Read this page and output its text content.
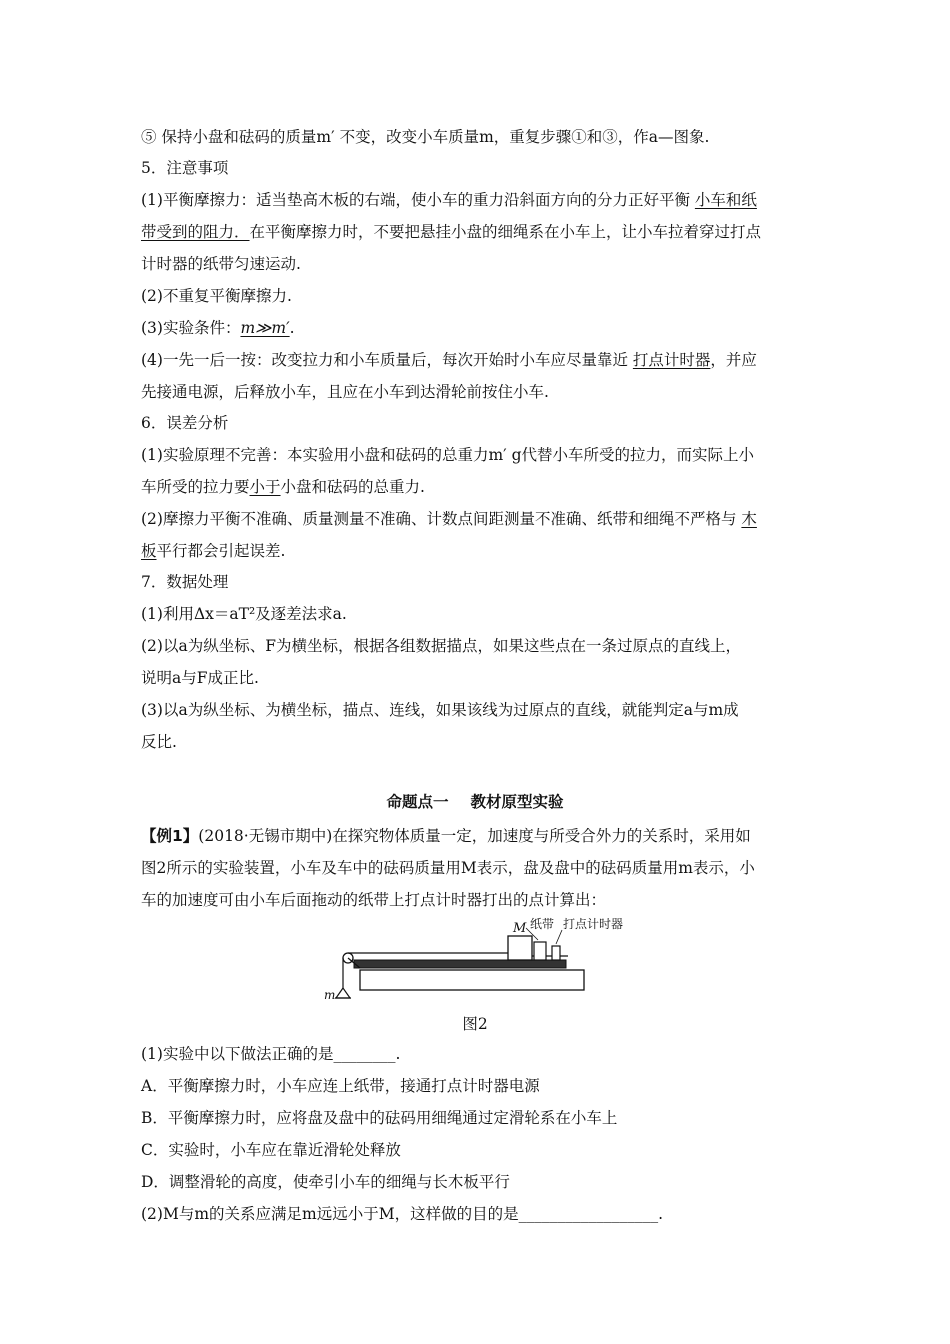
⑤ 保持小盘和砝码的质量m′ 不变，改变小车质量m，重复步骤①和③，作a—图象.
5．注意事项
(1)平衡摩擦力：适当垫高木板的右端，使小车的重力沿斜面方向的分力正好平衡 小车和纸
带受到的阻力．在平衡摩擦力时，不要把悬挂小盘的细绳系在小车上，让小车拉着穿过打点
计时器的纸带匀速运动.
(2)不重复平衡摩擦力.
(3)实验条件：m≫m′.
(4)一先一后一按：改变拉力和小车质量后，每次开始时小车应尽量靠近 打点计时器，并应
先接通电源，后释放小车，且应在小车到达滑轮前按住小车.
6．误差分析
(1)实验原理不完善：本实验用小盘和砝码的总重力m′ g代替小车所受的拉力，而实际上小
车所受的拉力要小于小盘和砝码的总重力.
(2)摩擦力平衡不准确、质量测量不准确、计数点间距测量不准确、纸带和细绳不严格与 木
板平行都会引起误差.
7．数据处理
(1)利用Δx＝aT²及逐差法求a.
(2)以a为纵坐标、F为横坐标，根据各组数据描点，如果这些点在一条过原点的直线上，
说明a与F成正比.
(3)以a为纵坐标、为横坐标，描点、连线，如果该线为过原点的直线，就能判定a与m成
反比.
命题点一 教材原型实验
【例1】(2018·无锡市期中)在探究物体质量一定，加速度与所受合外力的关系时，采用如
图2所示的实验装置，小车及车中的砝码质量用M表示，盘及盘中的砝码质量用m表示，小
车的加速度可由小车后面拖动的纸带上打点计时器打出的点计算出：
M 纸带 打点计时器
m
图2
(1)实验中以下做法正确的是________.
A．平衡摩擦力时，小车应连上纸带，接通打点计时器电源
B．平衡摩擦力时，应将盘及盘中的砝码用细绳通过定滑轮系在小车上
C．实验时，小车应在靠近滑轮处释放
D．调整滑轮的高度，使牵引小车的细绳与长木板平行
(2)M与m的关系应满足m远远小于M，这样做的目的是__________________.
